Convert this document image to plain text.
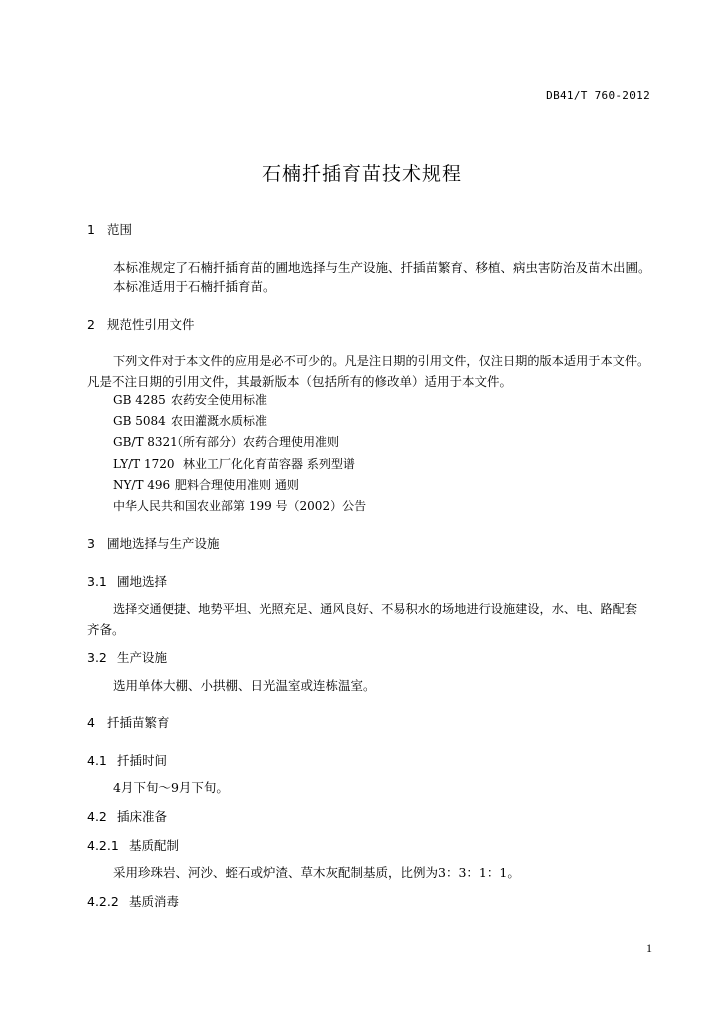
DB41/T 760-2012
石楠扦插育苗技术规程
1 范围
本标准规定了石楠扦插育苗的圃地选择与生产设施、扦插苗繁育、移植、病虫害防治及苗木出圃。
本标准适用于石楠扦插育苗。
2 规范性引用文件
下列文件对于本文件的应用是必不可少的。凡是注日期的引用文件，仅注日期的版本适用于本文件。
凡是不注日期的引用文件，其最新版本（包括所有的修改单）适用于本文件。
GB 4285 农药安全使用标准
GB 5084 农田灌溉水质标准
GB/T 8321（所有部分）农药合理使用准则
LY/T 1720 林业工厂化化育苗容器 系列型谱
NY/T 496 肥料合理使用准则 通则
中华人民共和国农业部第 199 号（2002）公告
3 圃地选择与生产设施
3.1 圃地选择
选择交通便捷、地势平坦、光照充足、通风良好、不易积水的场地进行设施建设，水、电、路配套
齐备。
3.2 生产设施
选用单体大棚、小拱棚、日光温室或连栋温室。
4 扦插苗繁育
4.1 扦插时间
4月下旬～9月下旬。
4.2 插床准备
4.2.1 基质配制
采用珍珠岩、河沙、蛭石或炉渣、草木灰配制基质，比例为3：3：1：1。
4.2.2 基质消毒
1
